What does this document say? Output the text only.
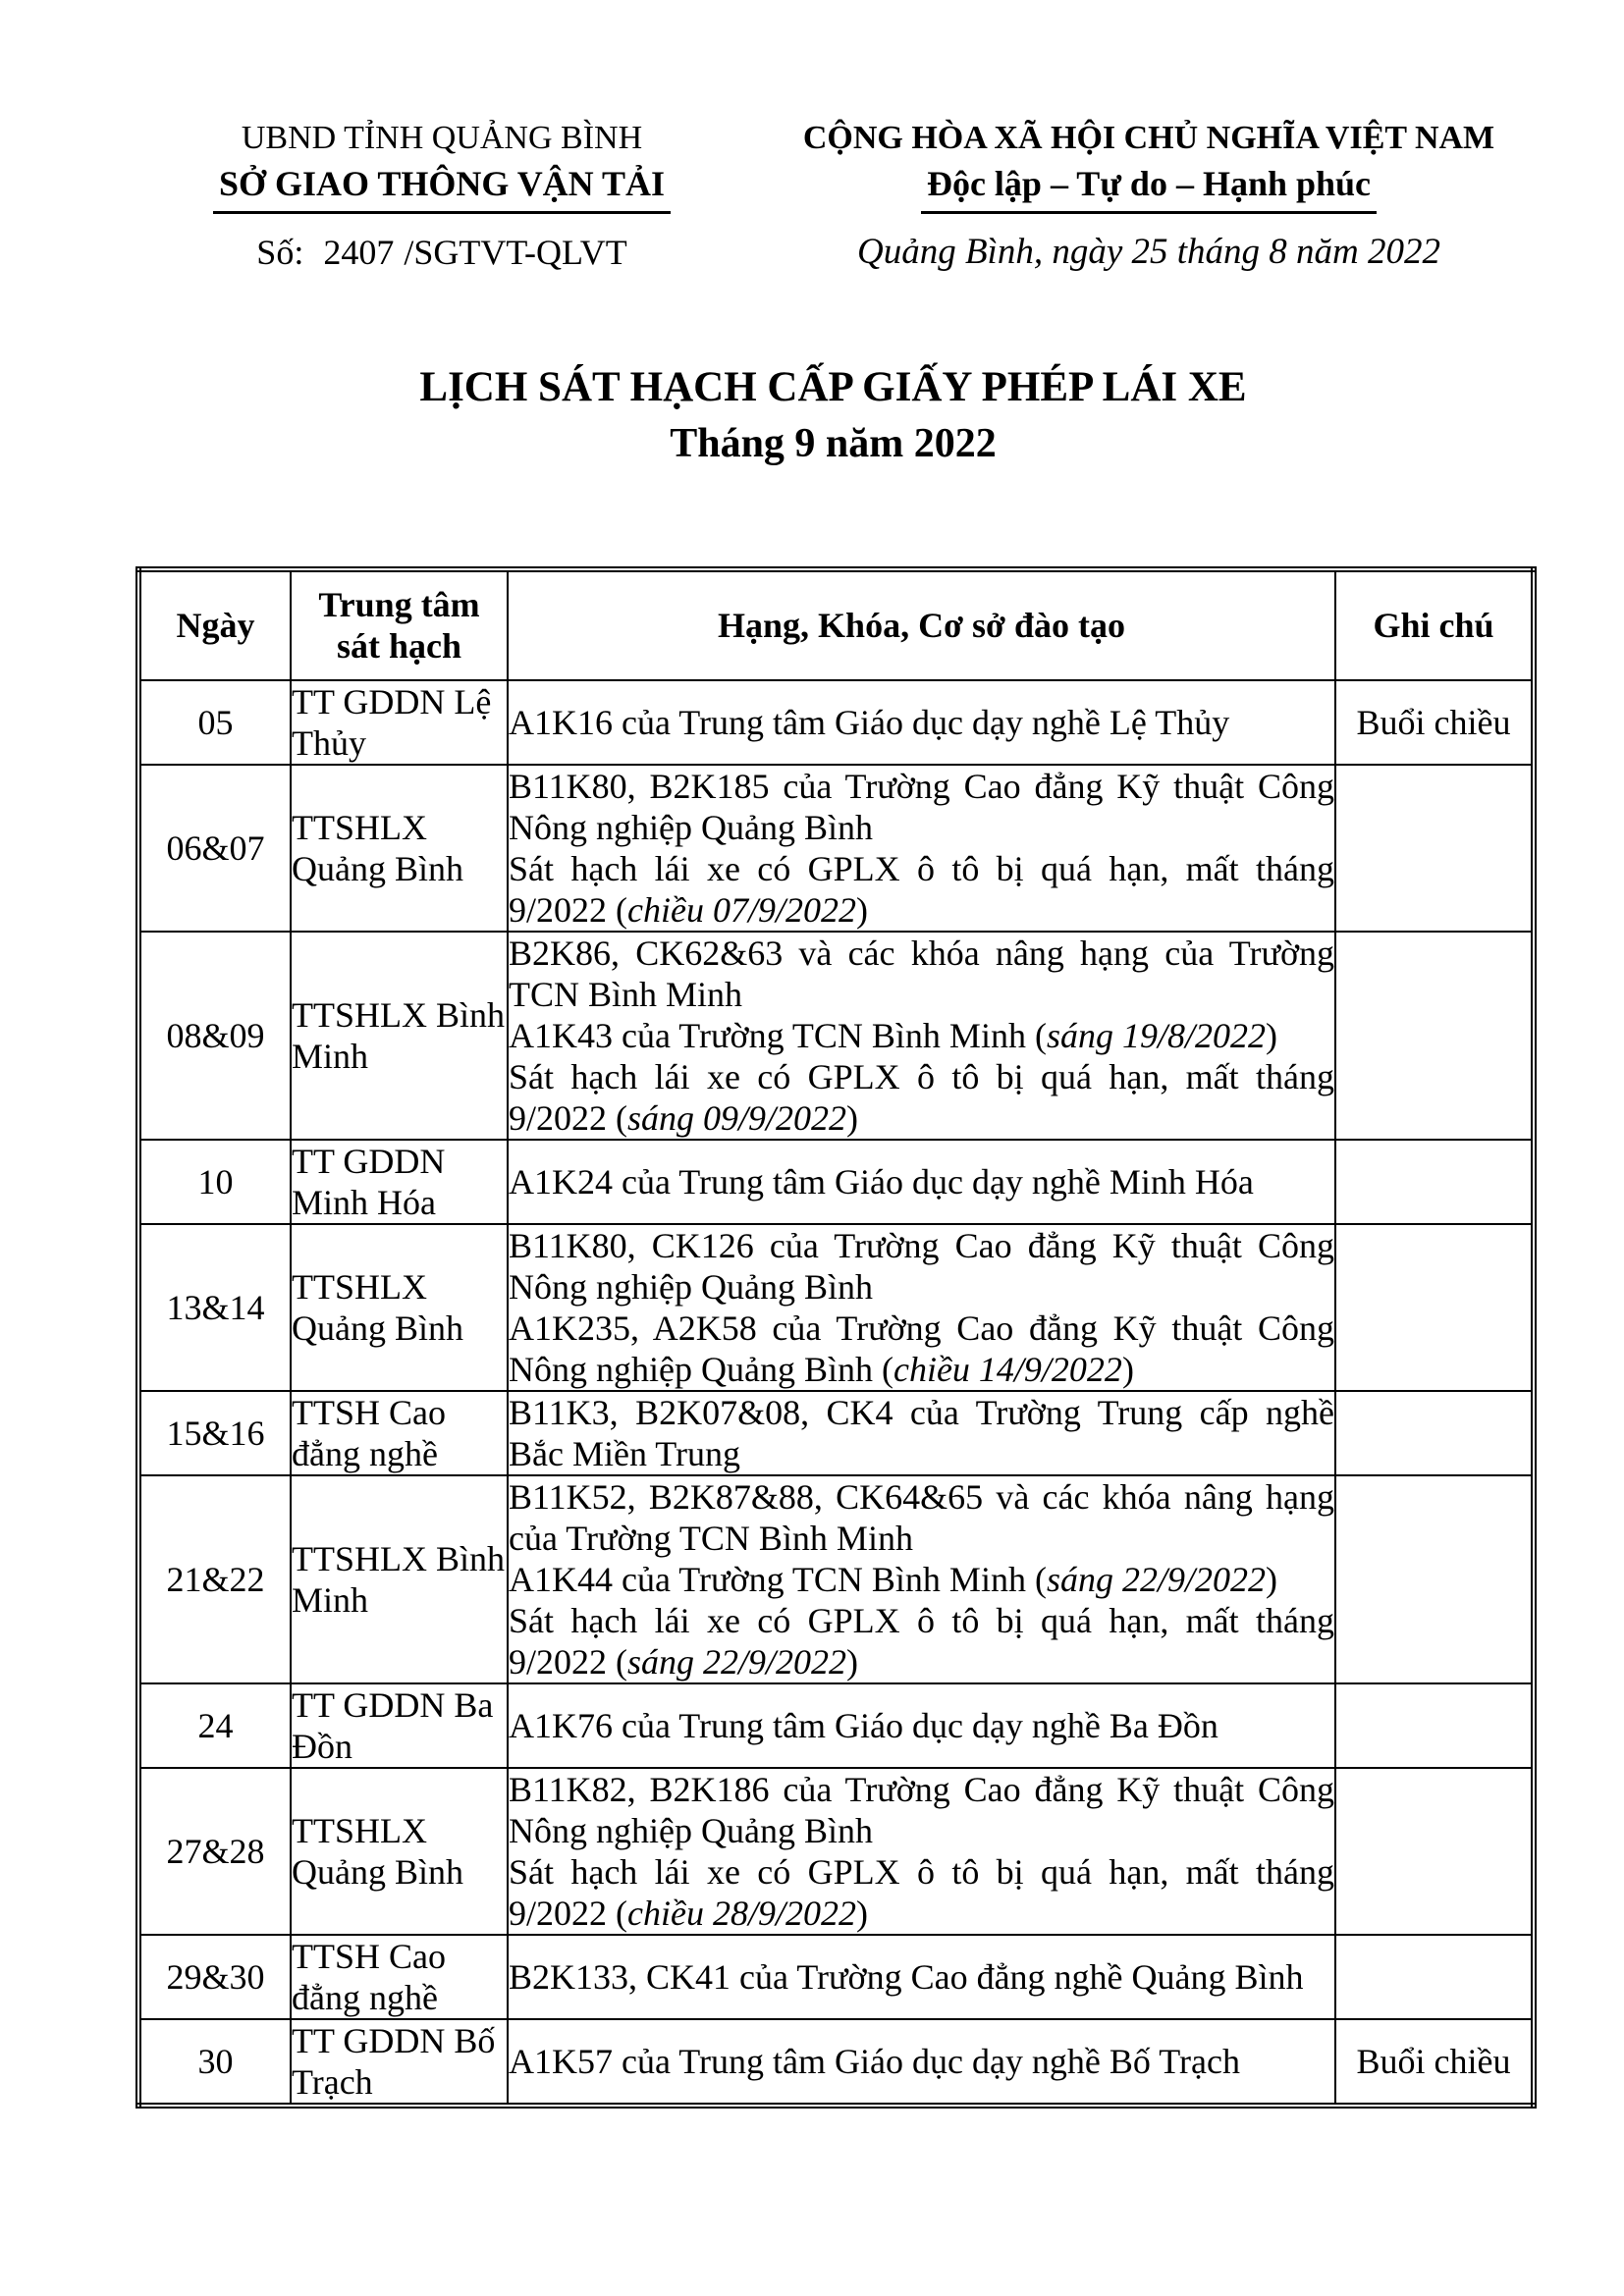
UBND TỈNH QUẢNG BÌNH
SỞ GIAO THÔNG VẬN TẢI
Số: 2407 /SGTVT-QLVT
CỘNG HÒA XÃ HỘI CHỦ NGHĨA VIỆT NAM
Độc lập – Tự do – Hạnh phúc
Quảng Bình, ngày 25 tháng 8 năm 2022
LỊCH SÁT HẠCH CẤP GIẤY PHÉP LÁI XE
Tháng 9 năm 2022
Ngày	Trung tâm sát hạch	Hạng, Khóa, Cơ sở đào tạo	Ghi chú
05	TT GDDN Lệ Thủy	A1K16 của Trung tâm Giáo dục dạy nghề Lệ Thủy	Buổi chiều
06&07	TTSHLX Quảng Bình	B11K80, B2K185 của Trường Cao đẳng Kỹ thuật Công Nông nghiệp Quảng Bình
Sát hạch lái xe có GPLX ô tô bị quá hạn, mất tháng 9/2022 (chiều 07/9/2022)	

08&09	TTSHLX Bình Minh	B2K86, CK62&63 và các khóa nâng hạng của Trường TCN Bình Minh
A1K43 của Trường TCN Bình Minh (sáng 19/8/2022)
Sát hạch lái xe có GPLX ô tô bị quá hạn, mất tháng 9/2022 (sáng 09/9/2022)	

10	TT GDDN Minh Hóa	A1K24 của Trung tâm Giáo dục dạy nghề Minh Hóa	

13&14	TTSHLX Quảng Bình	B11K80, CK126 của Trường Cao đẳng Kỹ thuật Công Nông nghiệp Quảng Bình
A1K235, A2K58 của Trường Cao đẳng Kỹ thuật Công Nông nghiệp Quảng Bình (chiều 14/9/2022)	

15&16	TTSH Cao đẳng nghề	B11K3, B2K07&08, CK4 của Trường Trung cấp nghề Bắc Miền Trung	

21&22	TTSHLX Bình Minh	B11K52, B2K87&88, CK64&65 và các khóa nâng hạng của Trường TCN Bình Minh
A1K44 của Trường TCN Bình Minh (sáng 22/9/2022)
Sát hạch lái xe có GPLX ô tô bị quá hạn, mất tháng 9/2022 (sáng 22/9/2022)	

24	TT GDDN Ba Đồn	A1K76 của Trung tâm Giáo dục dạy nghề Ba Đồn	

27&28	TTSHLX Quảng Bình	B11K82, B2K186 của Trường Cao đẳng Kỹ thuật Công Nông nghiệp Quảng Bình
Sát hạch lái xe có GPLX ô tô bị quá hạn, mất tháng 9/2022 (chiều 28/9/2022)	

29&30	TTSH Cao đẳng nghề	B2K133, CK41 của Trường Cao đẳng nghề Quảng Bình	

30	TT GDDN Bố Trạch	A1K57 của Trung tâm Giáo dục dạy nghề Bố Trạch	Buổi chiều
